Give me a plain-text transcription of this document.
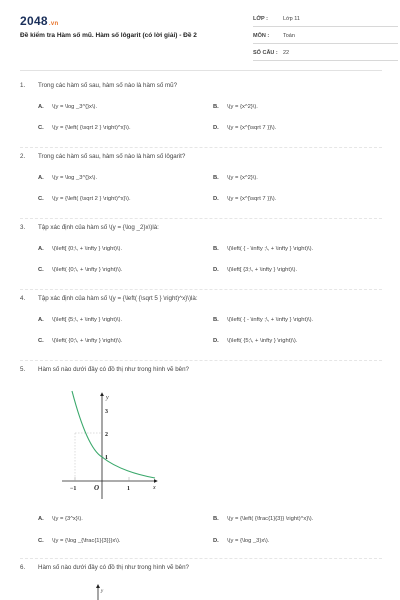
2048.vn
Đề kiểm tra Hàm số mũ. Hàm số lôgarit (có lời giải) - Đề 2
LỚP :	Lớp 11
MÔN :	Toán
SỐ CÂU : 22
1. Trong các hàm số sau, hàm số nào là hàm số mũ?
A. \(y = \log _3^{}x\).	B. \(y = {x^2}\).
C. \(y = {\left( {\sqrt 2 } \right)^x}\).	D. \(y = {x^{\sqrt 7 }}\).
2. Trong các hàm số sau, hàm số nào là hàm số lôgarit?
A. \(y = \log _3^{}x\).	B. \(y = {x^2}\).
C. \(y = {\left( {\sqrt 2 } \right)^x}\).	D. \(y = {x^{\sqrt 7 }}\).
3. Tập xác định của hàm số \(y = {\log _2}x\)là:
A. \(\left[ {0;\, + \infty } \right)\).	B. \(\left( { - \infty ;\, + \infty } \right)\).
C. \(\left( {0;\, + \infty } \right)\).	D. \(\left[ {3;\, + \infty } \right)\).
4. Tập xác định của hàm số \(y = {\left( {\sqrt 5 } \right)^x}\)là:
A. \(\left[ {5;\, + \infty } \right)\).	B. \(\left( { - \infty ;\, + \infty } \right)\).
C. \(\left( {0;\, + \infty } \right)\).	D. \(\left( {5;\, + \infty } \right)\).
5. Hàm số nào dưới đây có đồ thị như trong hình vẽ bên?
A. \(y = {3^x}\).	B. \(y = {\left( {\frac{1}{3}} \right)^x}\).
C. \(y = {\log _{\frac{1}{3}}}x\).	D. \(y = {\log _3}x\).
y
x
O
−1	1
1
2
3
6. Hàm số nào dưới đây có đồ thị như trong hình vẽ bên?
y
